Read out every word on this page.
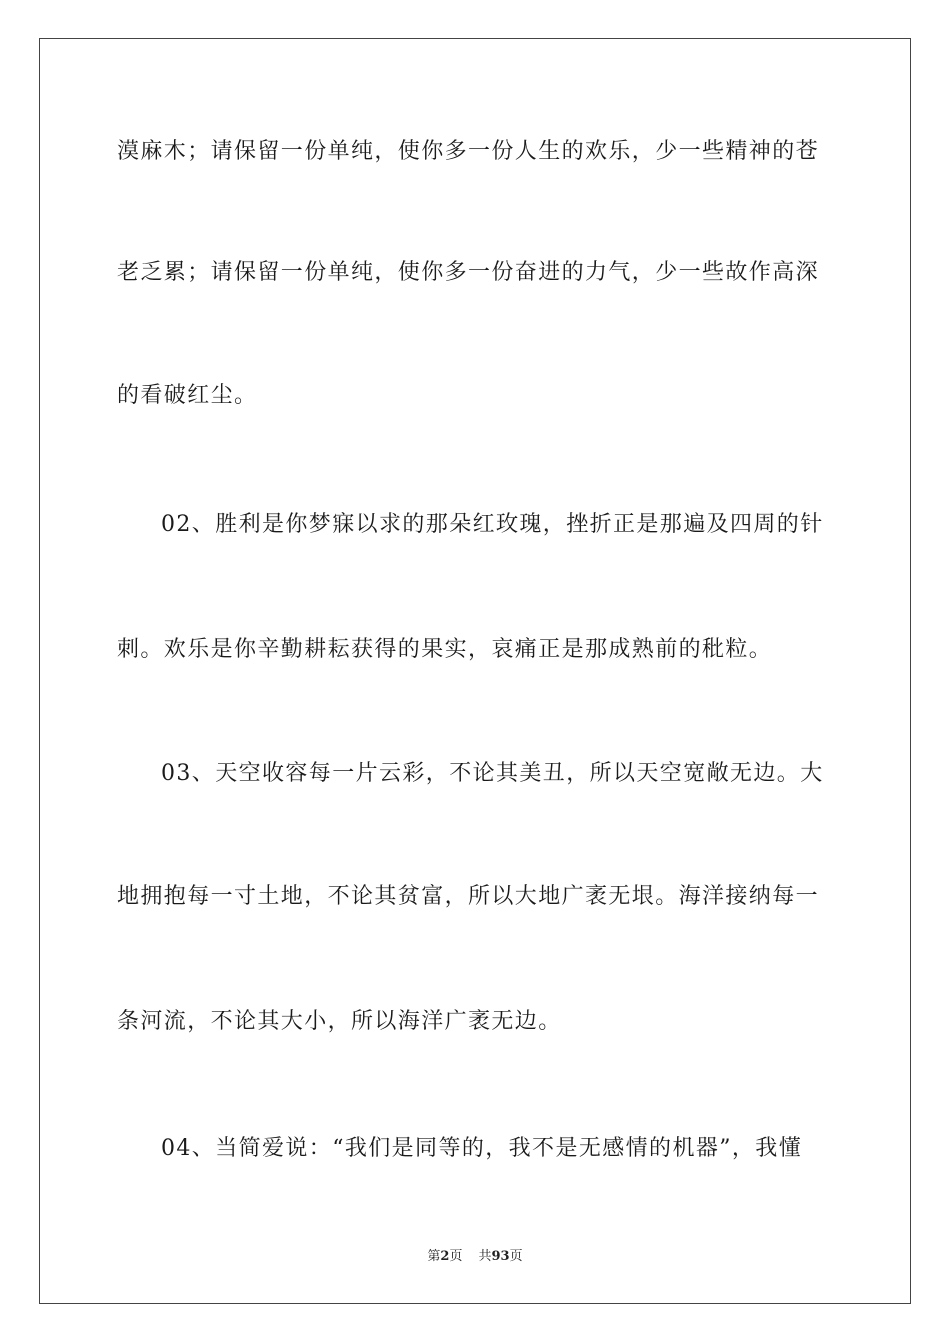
漠麻木；请保留一份单纯，使你多一份人生的欢乐，少一些精神的苍
老乏累；请保留一份单纯，使你多一份奋进的力气，少一些故作高深
的看破红尘。
02、胜利是你梦寐以求的那朵红玫瑰，挫折正是那遍及四周的针
刺。欢乐是你辛勤耕耘获得的果实，哀痛正是那成熟前的秕粒。
03、天空收容每一片云彩，不论其美丑，所以天空宽敞无边。大
地拥抱每一寸土地，不论其贫富，所以大地广袤无垠。海洋接纳每一
条河流，不论其大小，所以海洋广袤无边。
04、当简爱说：“我们是同等的，我不是无感情的机器”，我懂
第2页 共93页
